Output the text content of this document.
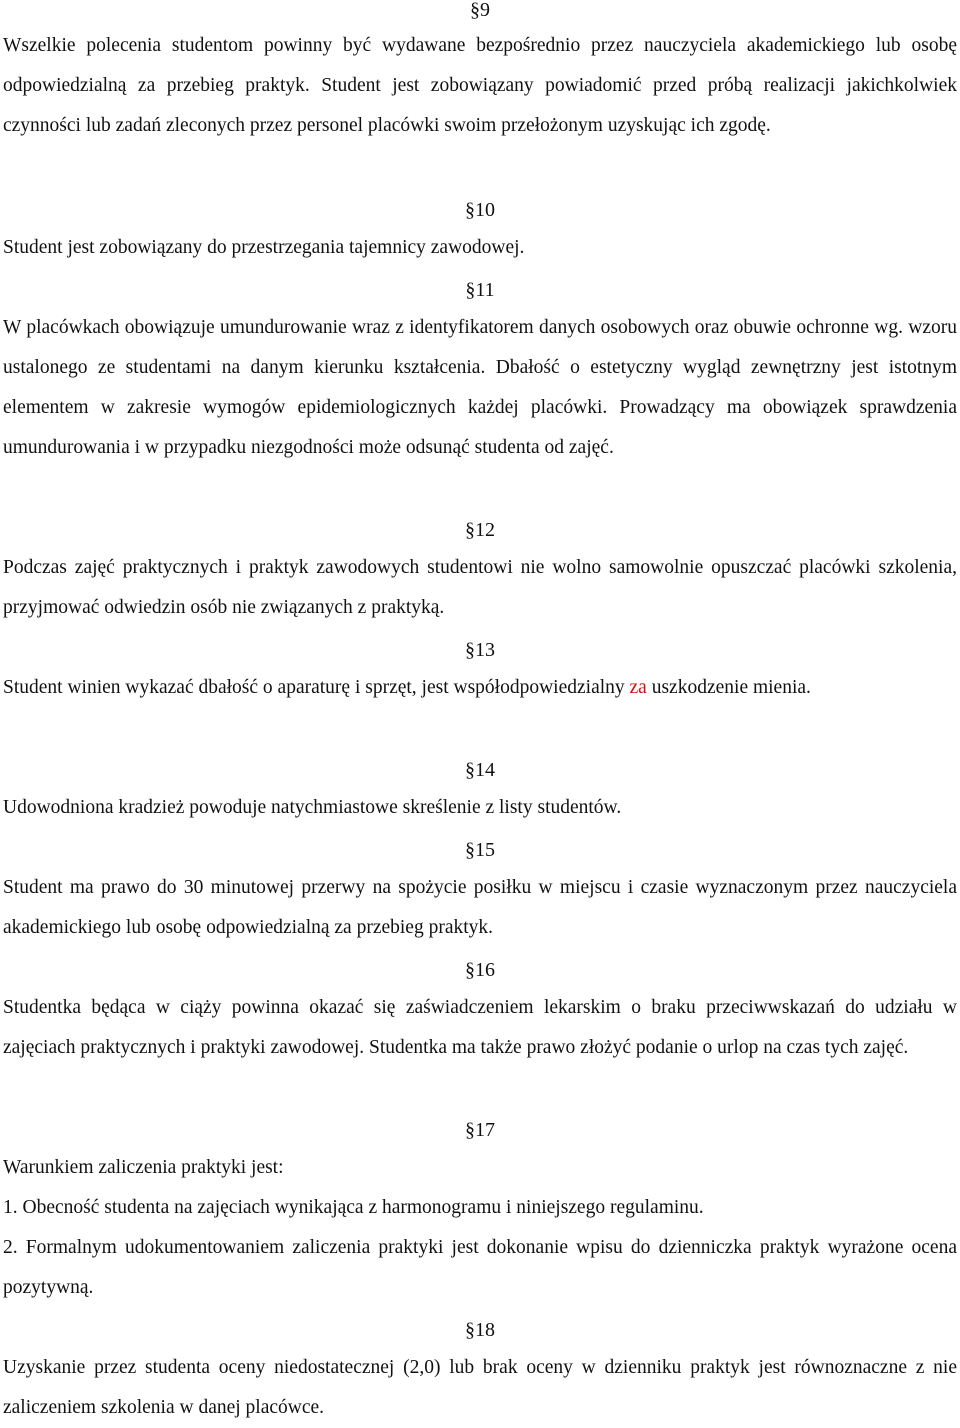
§9

Wszelkie polecenia studentom powinny być wydawane bezpośrednio przez nauczyciela akademickiego lub osobę odpowiedzialną za przebieg praktyk. Student jest zobowiązany powiadomić przed próbą realizacji jakichkolwiek czynności lub zadań zleconych przez personel placówki swoim przełożonym uzyskując ich zgodę.

§10

Student jest zobowiązany do przestrzegania tajemnicy zawodowej.

§11

W placówkach obowiązuje umundurowanie wraz z identyfikatorem danych osobowych oraz obuwie ochronne wg. wzoru ustalonego ze studentami na danym kierunku kształcenia. Dbałość o estetyczny wygląd zewnętrzny jest istotnym elementem w zakresie wymogów epidemiologicznych każdej placówki. Prowadzący ma obowiązek sprawdzenia umundurowania i w przypadku niezgodności może odsunąć studenta od zajęć.

§12

Podczas zajęć praktycznych i praktyk zawodowych studentowi nie wolno samowolnie opuszczać placówki szkolenia, przyjmować odwiedzin osób nie związanych z praktyką.

§13

Student winien wykazać dbałość o aparaturę i sprzęt, jest współodpowiedzialny za uszkodzenie mienia.

§14

Udowodniona kradzież powoduje natychmiastowe skreślenie z listy studentów.

§15

Student ma prawo do 30 minutowej przerwy na spożycie posiłku w miejscu i czasie wyznaczonym przez nauczyciela akademickiego lub osobę odpowiedzialną za przebieg praktyk.

§16

Studentka będąca w ciąży powinna okazać się zaświadczeniem lekarskim o braku przeciwwskazań do udziału w zajęciach praktycznych i praktyki zawodowej. Studentka ma także prawo złożyć podanie o urlop na czas tych zajęć.

§17

Warunkiem zaliczenia praktyki jest:

1. Obecność studenta na zajęciach wynikająca z harmonogramu i niniejszego regulaminu.

2. Formalnym udokumentowaniem zaliczenia praktyki jest dokonanie wpisu do dzienniczka praktyk wyrażone ocena pozytywną.

§18

Uzyskanie przez studenta oceny niedostatecznej (2,0) lub brak oceny w dzienniku praktyk jest równoznaczne z nie zaliczeniem szkolenia w danej placówce.
